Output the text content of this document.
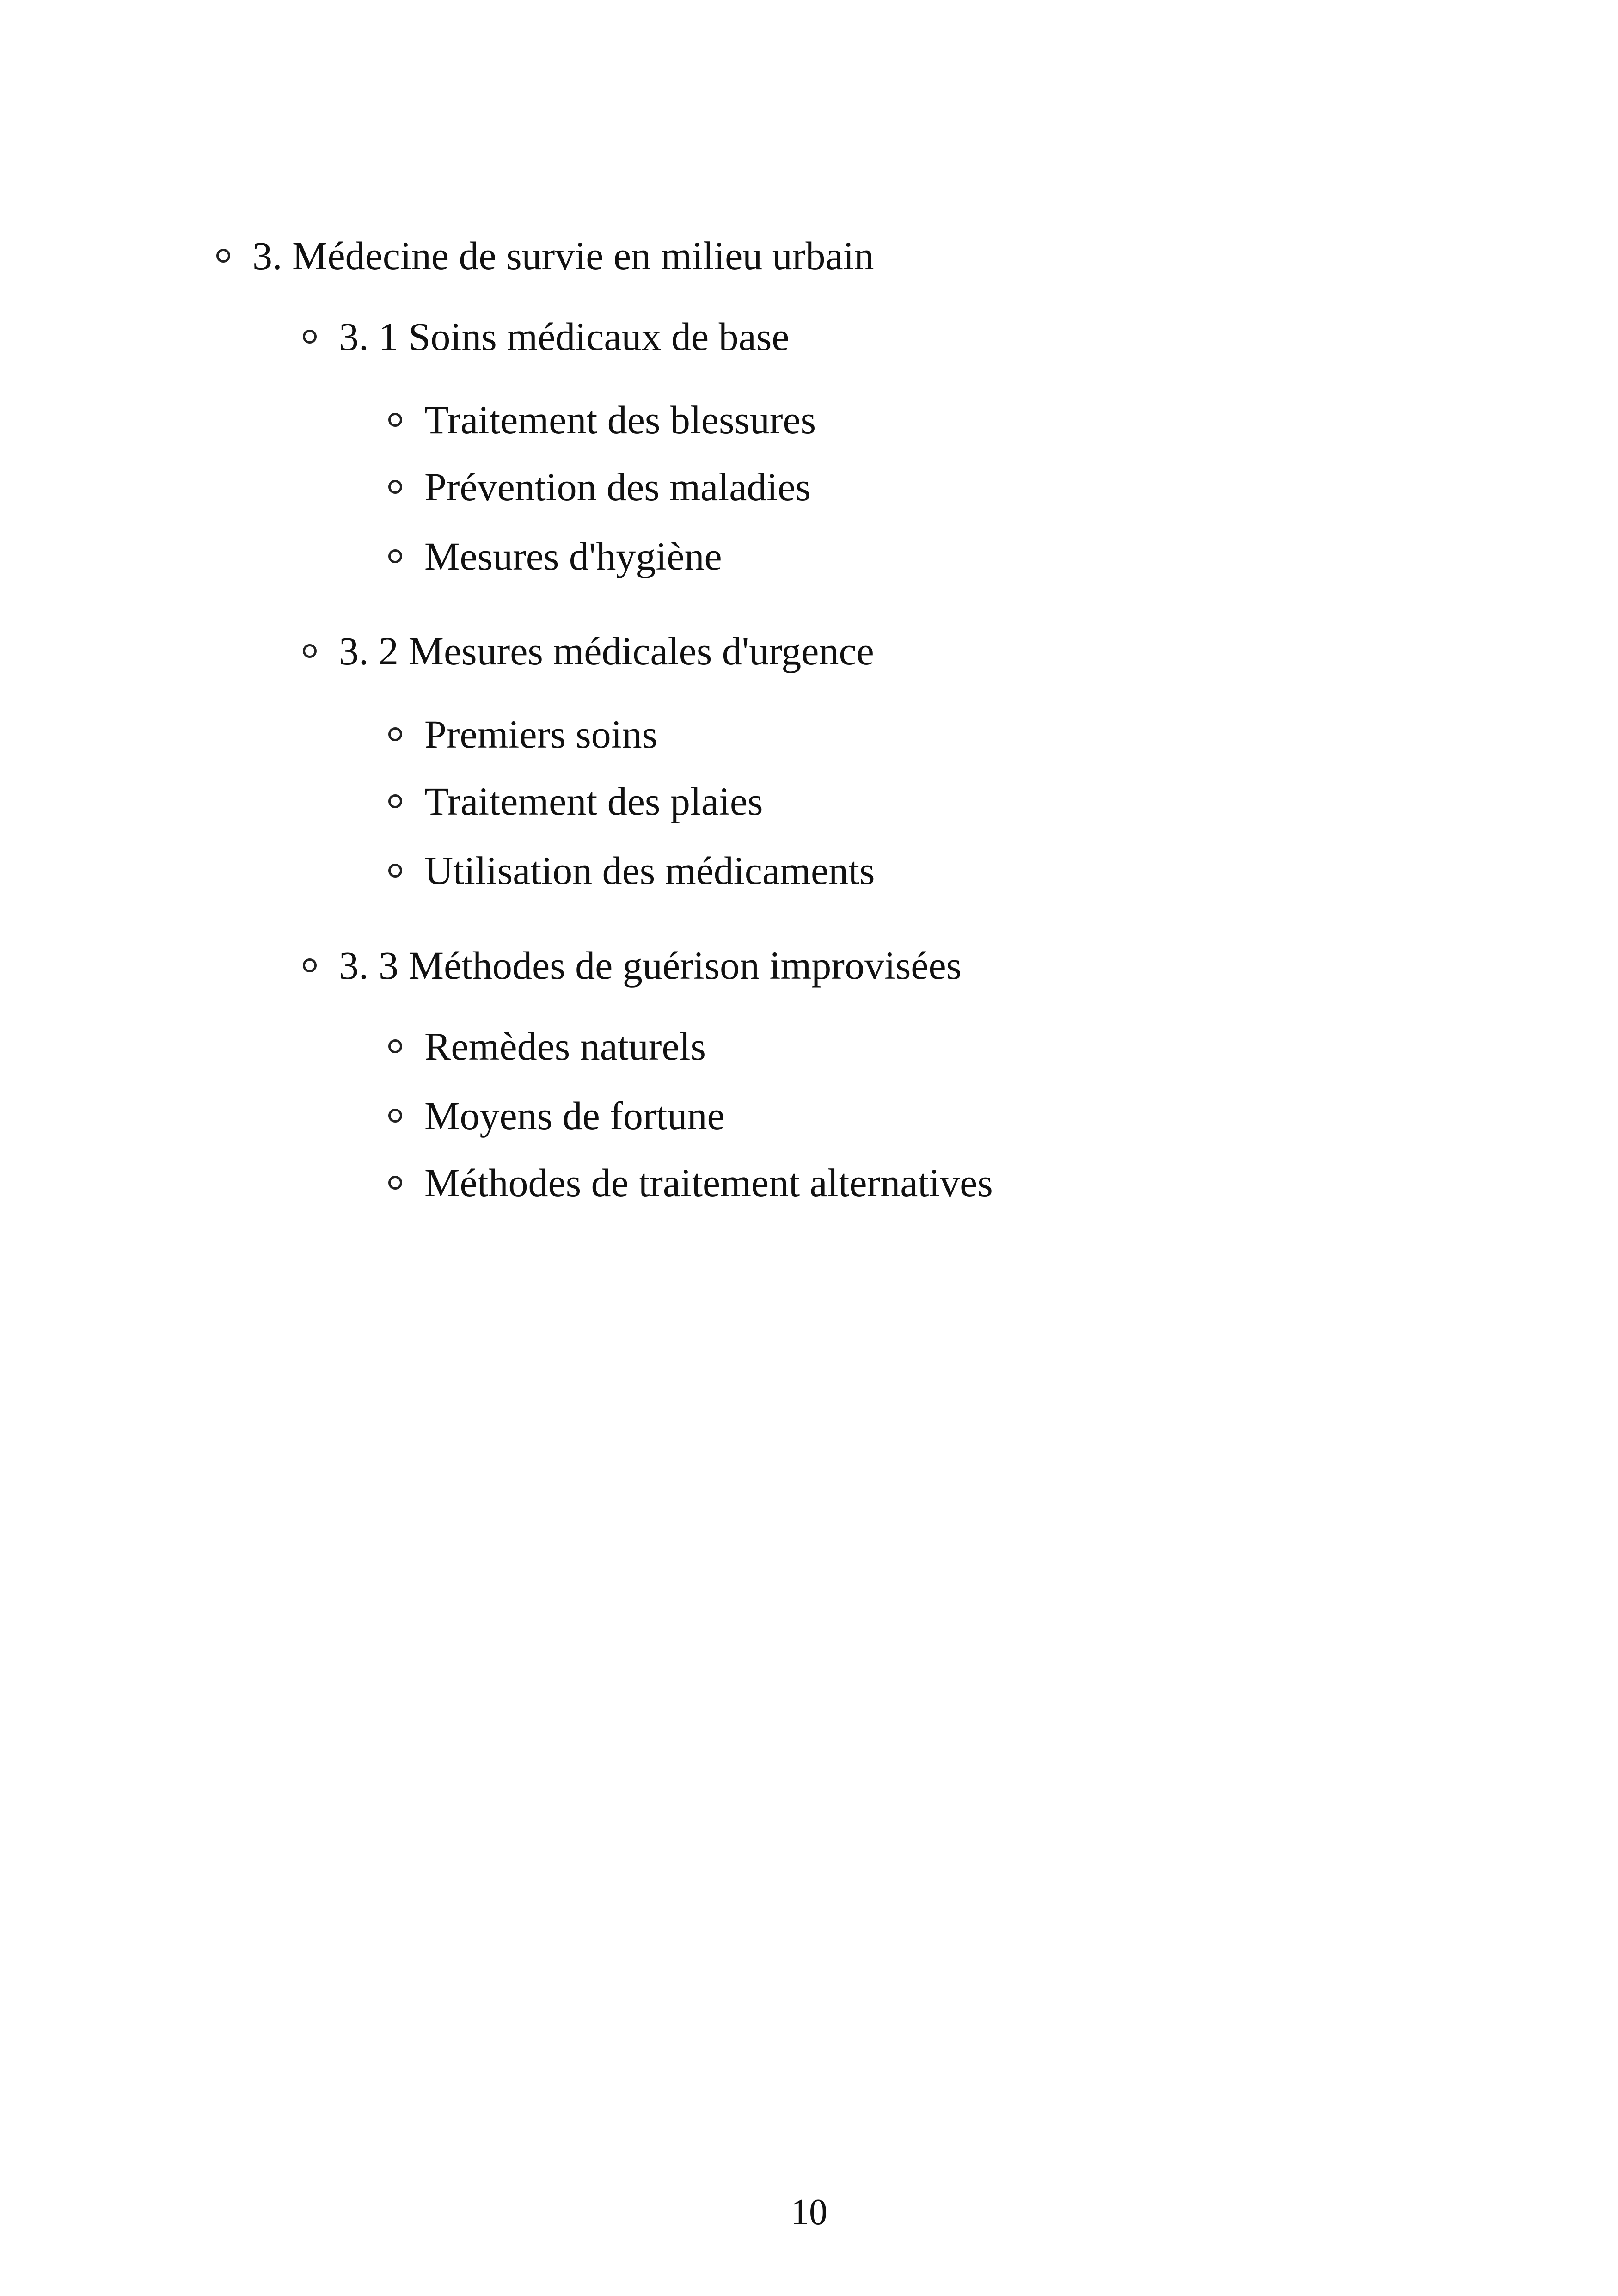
3. Médecine de survie en milieu urbain
3. 1 Soins médicaux de base
Traitement des blessures
Prévention des maladies
Mesures d'hygiène
3. 2 Mesures médicales d'urgence
Premiers soins
Traitement des plaies
Utilisation des médicaments
3. 3 Méthodes de guérison improvisées
Remèdes naturels
Moyens de fortune
Méthodes de traitement alternatives
10
